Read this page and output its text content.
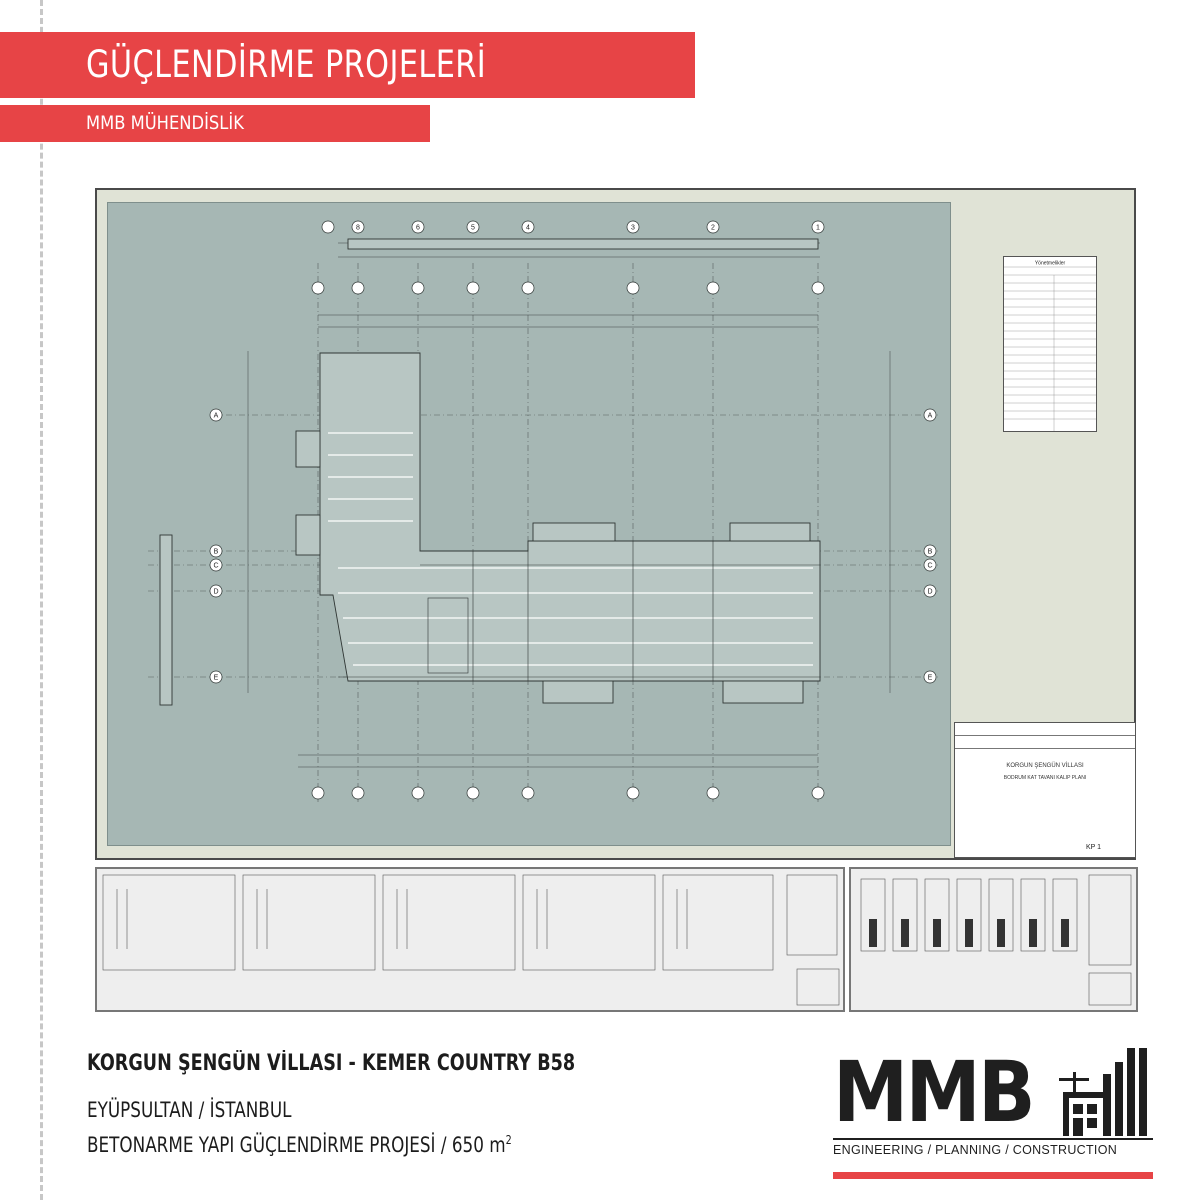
GÜÇLENDİRME PROJELERİ
MMB MÜHENDİSLİK
8	6	5	4	3	2	1
A	A
B	B
C	C
D	D
E	E
Yönetmelikler
KORGUN ŞENGÜN VİLLASI
BODRUM KAT TAVANI KALIP PLANI
KP 1
KORGUN ŞENGÜN VİLLASI - KEMER COUNTRY B58
EYÜPSULTAN / İSTANBUL
BETONARME YAPI GÜÇLENDİRME PROJESİ / 650 $m^2$	MMB
ENGINEERING / PLANNING / CONSTRUCTION
